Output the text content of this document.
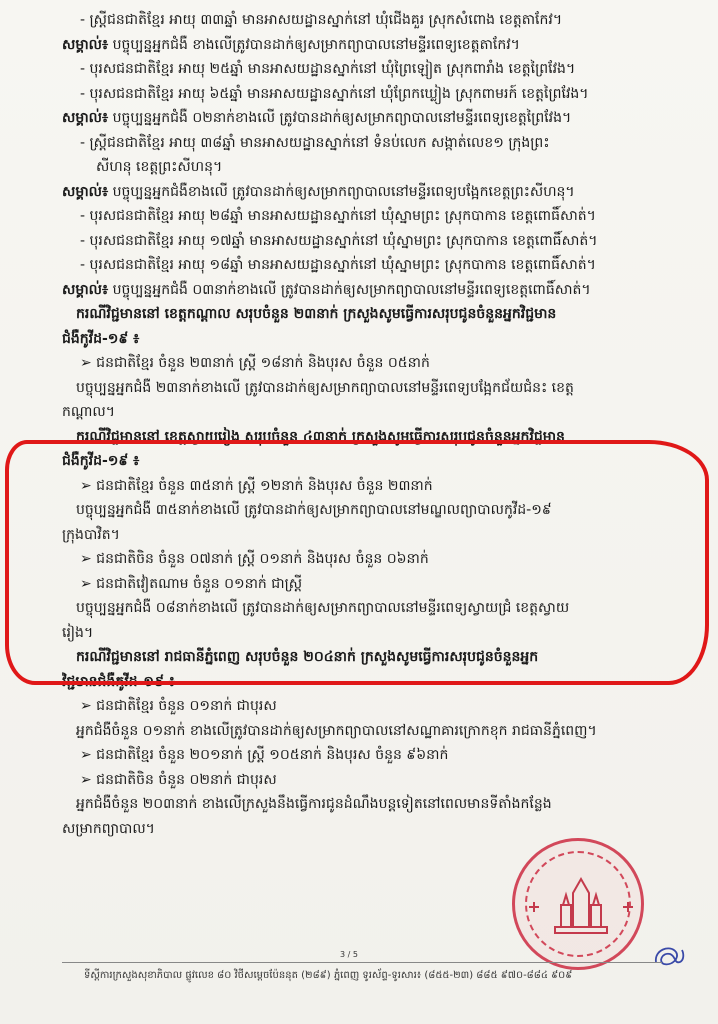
- ស្ត្រីជនជាតិខ្មែរ អាយុ ៣៣ឆ្នាំ មានអាសយដ្ឋានស្នាក់នៅ ឃុំជើងគួរ ស្រុកសំពោង ខេត្តតាកែវ។
សម្គាល់៖ បច្ចុប្បន្នអ្នកជំងឺ ខាងលើត្រូវបានដាក់ឲ្យសម្រាកព្យាបាលនៅមន្ទីរពេទ្យខេត្តតាកែវ។
- បុរសជនជាតិខ្មែរ អាយុ ២៥ឆ្នាំ មានអាសយដ្ឋានស្នាក់នៅ ឃុំព្រៃឡៀត ស្រុកពារាំង ខេត្តព្រៃវែង។
- បុរសជនជាតិខ្មែរ អាយុ ៦៥ឆ្នាំ មានអាសយដ្ឋានស្នាក់នៅ ឃុំព្រែកឃ្លៀង ស្រុកពាមរក៍ ខេត្តព្រៃវែង។
សម្គាល់៖ បច្ចុប្បន្នអ្នកជំងឺ ០២នាក់ខាងលើ ត្រូវបានដាក់ឲ្យសម្រាកព្យាបាលនៅមន្ទីរពេទ្យខេត្តព្រៃវែង។
- ស្ត្រីជនជាតិខ្មែរ អាយុ ៣៨ឆ្នាំ មានអាសយដ្ឋានស្នាក់នៅ ទំនប់លេក សង្កាត់លេខ១ ក្រុងព្រះ
សីហនុ ខេត្តព្រះសីហនុ។
សម្គាល់៖ បច្ចុប្បន្នអ្នកជំងឺខាងលើ ត្រូវបានដាក់ឲ្យសម្រាកព្យាបាលនៅមន្ទីរពេទ្យបង្អែកខេត្តព្រះសីហនុ។
- បុរសជនជាតិខ្មែរ អាយុ ២៨ឆ្នាំ មានអាសយដ្ឋានស្នាក់នៅ ឃុំស្នាមព្រះ ស្រុកបាកាន ខេត្តពោធិ៍សាត់។
- បុរសជនជាតិខ្មែរ អាយុ ១៧ឆ្នាំ មានអាសយដ្ឋានស្នាក់នៅ ឃុំស្នាមព្រះ ស្រុកបាកាន ខេត្តពោធិ៍សាត់។
- បុរសជនជាតិខ្មែរ អាយុ ១៨ឆ្នាំ មានអាសយដ្ឋានស្នាក់នៅ ឃុំស្នាមព្រះ ស្រុកបាកាន ខេត្តពោធិ៍សាត់។
សម្គាល់៖ បច្ចុប្បន្នអ្នកជំងឺ ០៣នាក់ខាងលើ ត្រូវបានដាក់ឲ្យសម្រាកព្យាបាលនៅមន្ទីរពេទ្យខេត្តពោធិ៍សាត់។
ករណីវិជ្ជមាននៅ ខេត្តកណ្ដាល សរុបចំនួន ២៣នាក់ ក្រសួងសូមធ្វើការសរុបជូនចំនួនអ្នកវិជ្ជមាន
ជំងឺកូវីដ-១៩ ៖
➢ ជនជាតិខ្មែរ ចំនួន ២៣នាក់ ស្ត្រី ១៨នាក់ និងបុរស ចំនួន ០៥នាក់
បច្ចុប្បន្នអ្នកជំងឺ ២៣នាក់ខាងលើ ត្រូវបានដាក់ឲ្យសម្រាកព្យាបាលនៅមន្ទីរពេទ្យបង្អែកជ័យជំនះ ខេត្ត
កណ្ដាល។
ករណីវិជ្ជមាននៅ ខេត្តស្វាយរៀង សរុបចំនួន ៤៣នាក់ ក្រសួងសូមធ្វើការសរុបជូនចំនួនអ្នកវិជ្ជមាន
ជំងឺកូវីដ-១៩ ៖
➢ ជនជាតិខ្មែរ ចំនួន ៣៥នាក់ ស្ត្រី ១២នាក់ និងបុរស ចំនួន ២៣នាក់
បច្ចុប្បន្នអ្នកជំងឺ ៣៥នាក់ខាងលើ ត្រូវបានដាក់ឲ្យសម្រាកព្យាបាលនៅមណ្ឌលព្យាបាលកូវីដ-១៩
ក្រុងបាវិត។
➢ ជនជាតិចិន ចំនួន ០៧នាក់ ស្ត្រី ០១នាក់ និងបុរស ចំនួន ០៦នាក់
➢ ជនជាតិវៀតណាម ចំនួន ០១នាក់ ជាស្ត្រី
បច្ចុប្បន្នអ្នកជំងឺ ០៨នាក់ខាងលើ ត្រូវបានដាក់ឲ្យសម្រាកព្យាបាលនៅមន្ទីរពេទ្យស្វាយជ្រំ ខេត្តស្វាយ
រៀង។
ករណីវិជ្ជមាននៅ រាជធានីភ្នំពេញ សរុបចំនួន ២០៤នាក់ ក្រសួងសូមធ្វើការសរុបជូនចំនួនអ្នក
វិជ្ជមានជំងឺកូវីដ-១៩ ៖
➢ ជនជាតិខ្មែរ ចំនួន ០១នាក់ ជាបុរស
អ្នកជំងឺចំនួន ០១នាក់ ខាងលើត្រូវបានដាក់ឲ្យសម្រាកព្យាបាលនៅសណ្ឋាគារក្រោកខុក រាជធានីភ្នំពេញ។
➢ ជនជាតិខ្មែរ ចំនួន ២០១នាក់ ស្ត្រី ១០៥នាក់ និងបុរស ចំនួន ៩៦នាក់
➢ ជនជាតិចិន ចំនួន ០២នាក់ ជាបុរស
អ្នកជំងឺចំនួន ២០៣នាក់ ខាងលើក្រសួងនឹងធ្វើការជូនដំណឹងបន្តទៀតនៅពេលមានទីតាំងកន្លែង
សម្រាកព្យាបាល។
3 / 5
ទីស្ដីការក្រសួងសុខាភិបាល ផ្លូវលេខ ៨០ វិថីសម្ដេចប៉ែននុត (២៨៩) ភ្នំពេញ ទូរស័ព្ទ-ទូរសារ៖ (៨៥៥-២៣) ៨៨៥ ៩៧០-៨៨៤ ៩០៩
